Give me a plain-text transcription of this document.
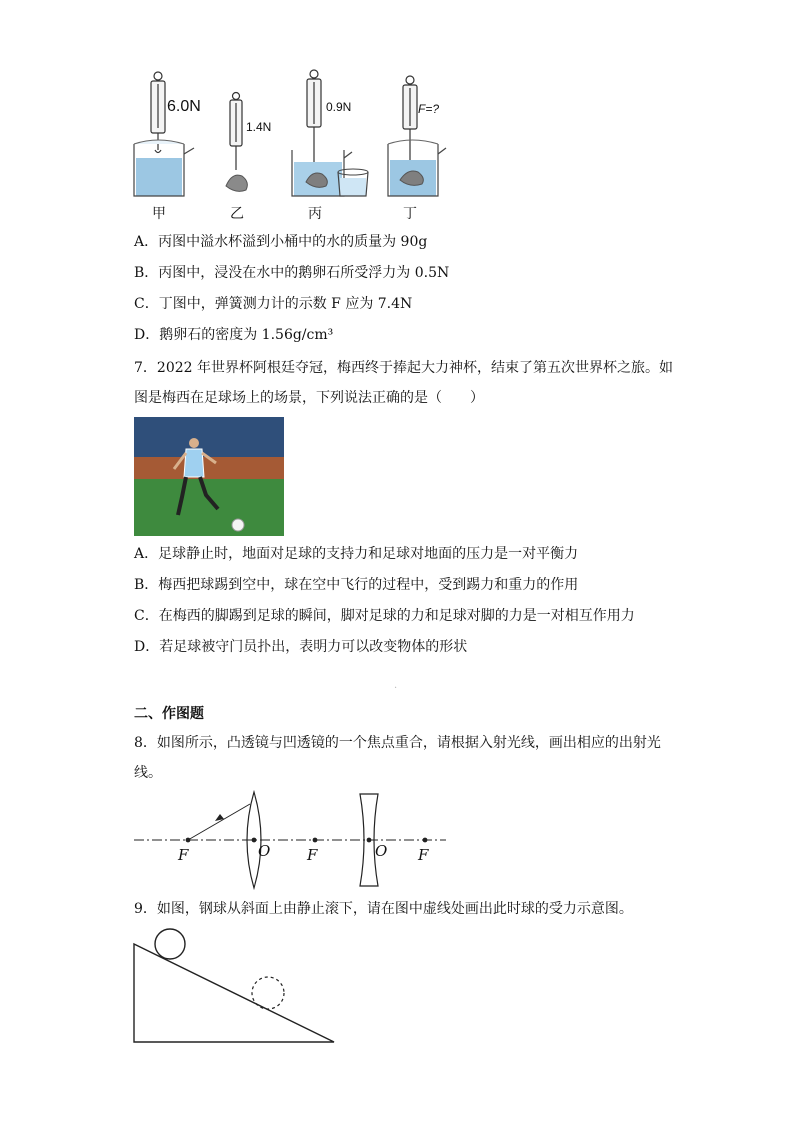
6.0N
1.4N
0.9N	F=?
甲	乙	丙	丁
A．丙图中溢水杯溢到小桶中的水的质量为 90g
B．丙图中，浸没在水中的鹅卵石所受浮力为 0.5N
C．丁图中，弹簧测力计的示数 F 应为 7.4N
D．鹅卵石的密度为 1.56g/cm³
7．2022 年世界杯阿根廷夺冠，梅西终于捧起大力神杯，结束了第五次世界杯之旅。如
图是梅西在足球场上的场景，下列说法正确的是（　　）
A．足球静止时，地面对足球的支持力和足球对地面的压力是一对平衡力
B．梅西把球踢到空中，球在空中飞行的过程中，受到踢力和重力的作用
C．在梅西的脚踢到足球的瞬间，脚对足球的力和足球对脚的力是一对相互作用力
D．若足球被守门员扑出，表明力可以改变物体的形状
·
二、作图题
8．如图所示，凸透镜与凹透镜的一个焦点重合，请根据入射光线，画出相应的出射光
线。
F	O F	O F
9．如图，钢球从斜面上由静止滚下，请在图中虚线处画出此时球的受力示意图。
